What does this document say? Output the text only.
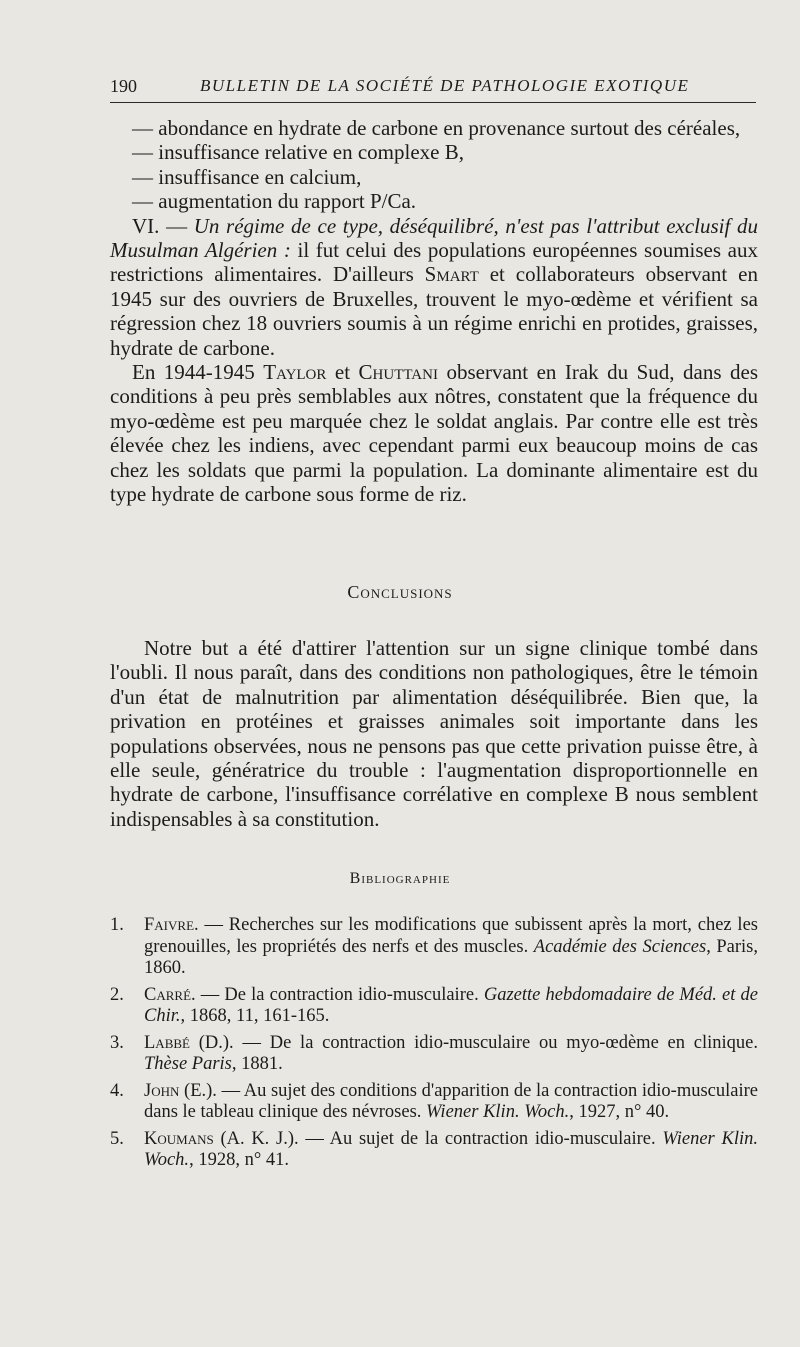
190	BULLETIN DE LA SOCIÉTÉ DE PATHOLOGIE EXOTIQUE

— abondance en hydrate de carbone en provenance surtout des céréales,

— insuffisance relative en complexe B,

— insuffisance en calcium,

— augmentation du rapport P/Ca.

VI. — Un régime de ce type, déséquilibré, n'est pas l'attribut exclusif du Musulman Algérien : il fut celui des populations européennes soumises aux restrictions alimentaires. D'ailleurs Smart et collaborateurs observant en 1945 sur des ouvriers de Bruxelles, trouvent le myo-œdème et vérifient sa régression chez 18 ouvriers soumis à un régime enrichi en protides, graisses, hydrate de carbone.

En 1944-1945 Taylor et Chuttani observant en Irak du Sud, dans des conditions à peu près semblables aux nôtres, constatent que la fréquence du myo-œdème est peu marquée chez le soldat anglais. Par contre elle est très élevée chez les indiens, avec cependant parmi eux beaucoup moins de cas chez les soldats que parmi la population. La dominante alimentaire est du type hydrate de carbone sous forme de riz.

Conclusions

Notre but a été d'attirer l'attention sur un signe clinique tombé dans l'oubli. Il nous paraît, dans des conditions non pathologiques, être le témoin d'un état de malnutrition par alimentation déséquilibrée. Bien que, la privation en protéines et graisses animales soit importante dans les populations observées, nous ne pensons pas que cette privation puisse être, à elle seule, génératrice du trouble : l'augmentation disproportionnelle en hydrate de carbone, l'insuffisance corrélative en complexe B nous semblent indispensables à sa constitution.

Bibliographie
1. Faivre. — Recherches sur les modifications que subissent après la mort, chez les grenouilles, les propriétés des nerfs et des muscles. Académie des Sciences, Paris, 1860.
2. Carré. — De la contraction idio-musculaire. Gazette hebdomadaire de Méd. et de Chir., 1868, 11, 161-165.
3. Labbé (D.). — De la contraction idio-musculaire ou myo-œdème en clinique. Thèse Paris, 1881.
4. John (E.). — Au sujet des conditions d'apparition de la contraction idio-musculaire dans le tableau clinique des névroses. Wiener Klin. Woch., 1927, n° 40.
5. Koumans (A. K. J.). — Au sujet de la contraction idio-musculaire. Wiener Klin. Woch., 1928, n° 41.
